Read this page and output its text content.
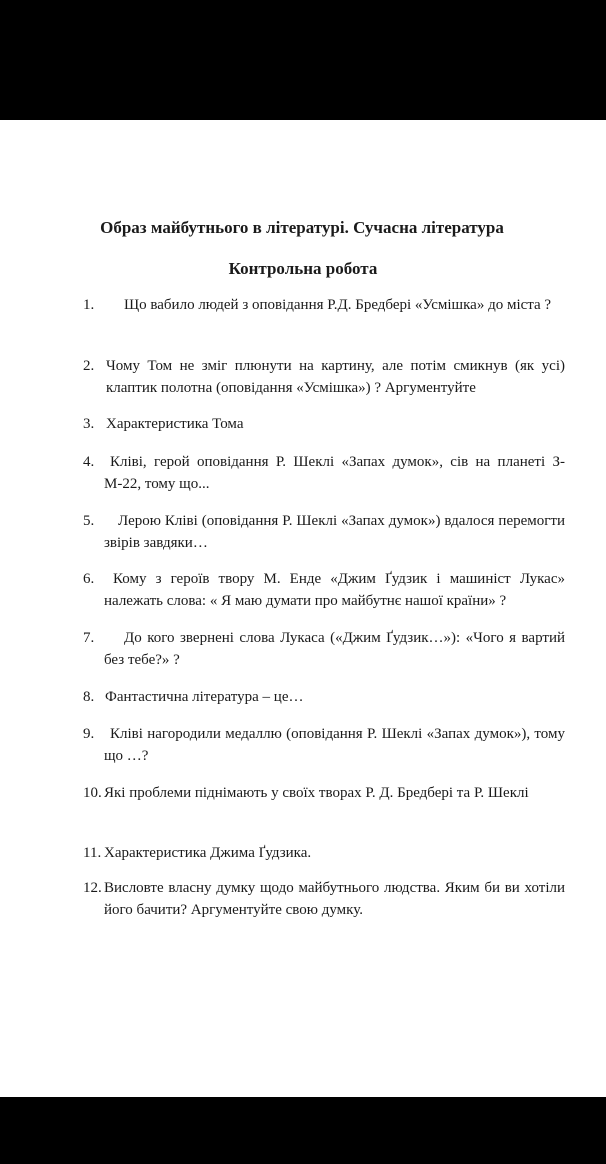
Образ майбутнього в літературі. Сучасна література
Контрольна робота
1.	Що вабило людей з оповідання Р.Д. Бредбері «Усмішка» до міста ?
2. Чому Том не зміг плюнути на картину, але потім смикнув (як усі) клаптик полотна (оповідання «Усмішка») ? Аргументуйте
3. Характеристика Тома
4.	Кліві, герой оповідання Р. Шеклі «Запах думок», сів на планеті З-М-22, тому що...
5.	Лерою Кліві (оповідання Р. Шеклі «Запах думок») вдалося перемогти звірів завдяки…
6.	Кому з героїв твору М. Енде «Джим Ґудзик і машиніст Лукас» належать слова: « Я маю думати про майбутнє нашої країни» ?
7.	До кого звернені слова Лукаса («Джим Ґудзик…»): «Чого я вартий без тебе?» ?
8. Фантастична література – це…
9.	Кліві нагородили медаллю (оповідання Р. Шеклі «Запах думок»), тому що …?
10. Які проблеми піднімають у своїх творах Р. Д. Бредбері та Р. Шеклі
11. Характеристика Джима Ґудзика.
12. Висловте власну думку щодо майбутнього людства. Яким би ви хотіли його бачити? Аргументуйте свою думку.
